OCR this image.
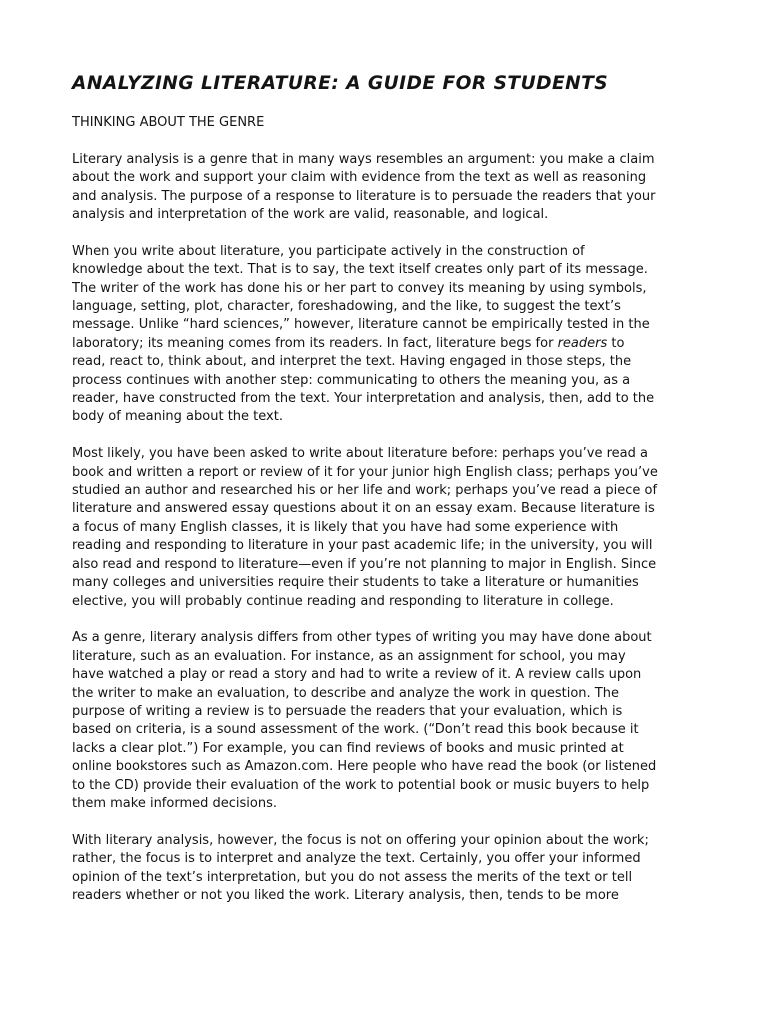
ANALYZING LITERATURE: A GUIDE FOR STUDENTS
THINKING ABOUT THE GENRE

Literary analysis is a genre that in many ways resembles an argument: you make a claim
about the work and support your claim with evidence from the text as well as reasoning
and analysis. The purpose of a response to literature is to persuade the readers that your
analysis and interpretation of the work are valid, reasonable, and logical.

When you write about literature, you participate actively in the construction of
knowledge about the text. That is to say, the text itself creates only part of its message.
The writer of the work has done his or her part to convey its meaning by using symbols,
language, setting, plot, character, foreshadowing, and the like, to suggest the text’s
message. Unlike “hard sciences,” however, literature cannot be empirically tested in the
laboratory; its meaning comes from its readers. In fact, literature begs for readers to
read, react to, think about, and interpret the text. Having engaged in those steps, the
process continues with another step: communicating to others the meaning you, as a
reader, have constructed from the text. Your interpretation and analysis, then, add to the
body of meaning about the text.

Most likely, you have been asked to write about literature before: perhaps you’ve read a
book and written a report or review of it for your junior high English class; perhaps you’ve
studied an author and researched his or her life and work; perhaps you’ve read a piece of
literature and answered essay questions about it on an essay exam. Because literature is
a focus of many English classes, it is likely that you have had some experience with
reading and responding to literature in your past academic life; in the university, you will
also read and respond to literature—even if you’re not planning to major in English. Since
many colleges and universities require their students to take a literature or humanities
elective, you will probably continue reading and responding to literature in college.

As a genre, literary analysis differs from other types of writing you may have done about
literature, such as an evaluation. For instance, as an assignment for school, you may
have watched a play or read a story and had to write a review of it. A review calls upon
the writer to make an evaluation, to describe and analyze the work in question. The
purpose of writing a review is to persuade the readers that your evaluation, which is
based on criteria, is a sound assessment of the work. (“Don’t read this book because it
lacks a clear plot.”) For example, you can find reviews of books and music printed at
online bookstores such as Amazon.com. Here people who have read the book (or listened
to the CD) provide their evaluation of the work to potential book or music buyers to help
them make informed decisions.

With literary analysis, however, the focus is not on offering your opinion about the work;
rather, the focus is to interpret and analyze the text. Certainly, you offer your informed
opinion of the text’s interpretation, but you do not assess the merits of the text or tell
readers whether or not you liked the work. Literary analysis, then, tends to be more
